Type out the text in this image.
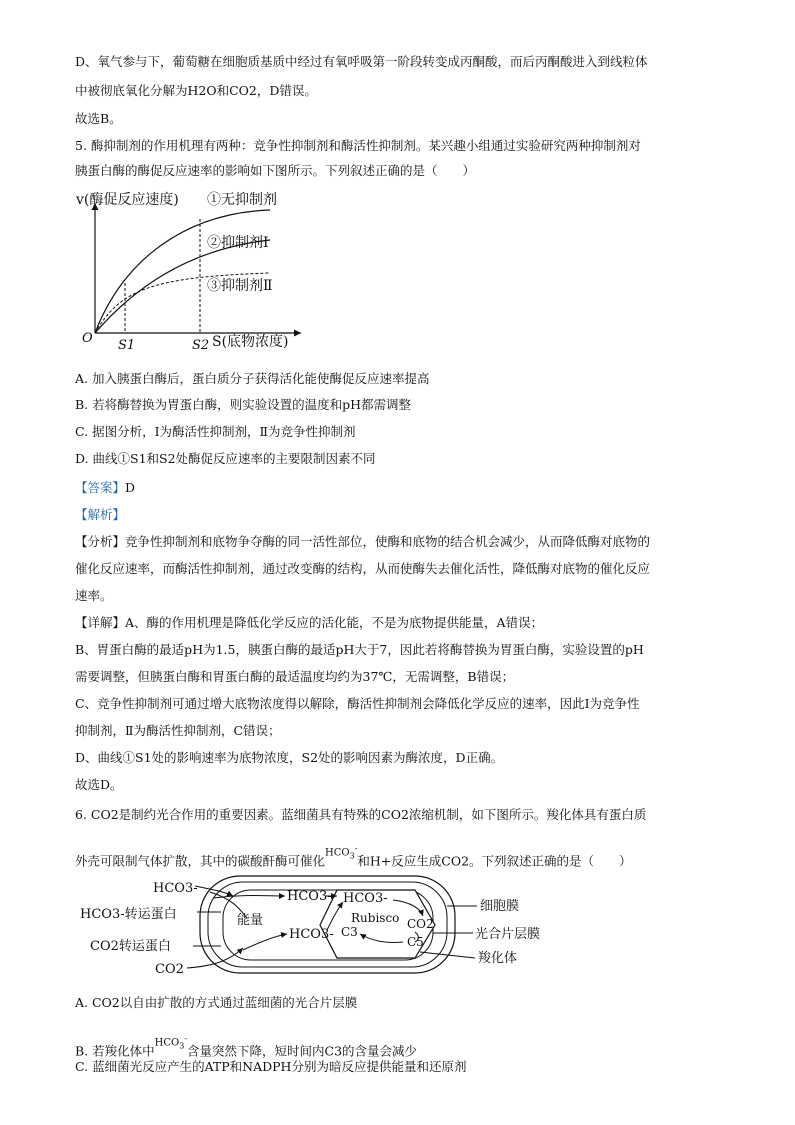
D、氧气参与下，葡萄糖在细胞质基质中经过有氧呼吸第一阶段转变成丙酮酸，而后丙酮酸进入到线粒体
中被彻底氧化分解为H2O和CO2，D错误。
故选B。
5. 酶抑制剂的作用机理有两种：竞争性抑制剂和酶活性抑制剂。某兴趣小组通过实验研究两种抑制剂对
胰蛋白酶的酶促反应速率的影响如下图所示。下列叙述正确的是（　　）
v(酶促反应速度)
O
①无抑制剂
②抑制剂Ⅰ
③抑制剂Ⅱ
S1	S2 S(底物浓度)
A. 加入胰蛋白酶后，蛋白质分子获得活化能使酶促反应速率提高
B. 若将酶替换为胃蛋白酶，则实验设置的温度和pH都需调整
C. 据图分析，Ⅰ为酶活性抑制剂，Ⅱ为竞争性抑制剂
D. 曲线①S1和S2处酶促反应速率的主要限制因素不同
【答案】D
【解析】
【分析】竞争性抑制剂和底物争夺酶的同一活性部位，使酶和底物的结合机会减少，从而降低酶对底物的
催化反应速率，而酶活性抑制剂，通过改变酶的结构，从而使酶失去催化活性，降低酶对底物的催化反应
速率。
【详解】A、酶的作用机理是降低化学反应的活化能，不是为底物提供能量，A错误；
B、胃蛋白酶的最适pH为1.5，胰蛋白酶的最适pH大于7，因此若将酶替换为胃蛋白酶，实验设置的pH
需要调整，但胰蛋白酶和胃蛋白酶的最适温度均约为37℃，无需调整，B错误；
C、竞争性抑制剂可通过增大底物浓度得以解除，酶活性抑制剂会降低化学反应的速率，因此Ⅰ为竞争性
抑制剂，Ⅱ为酶活性抑制剂，C错误；
D、曲线①S1处的影响速率为底物浓度，S2处的影响因素为酶浓度，D正确。
故选D。
6. CO2是制约光合作用的重要因素。蓝细菌具有特殊的CO2浓缩机制，如下图所示。羧化体具有蛋白质
外壳可限制气体扩散，其中的碳酸酐酶可催化$HCO_3^-$和H+反应生成CO2。下列叙述正确的是（　　）
HCO3-
HCO3-转运蛋白
CO2转运蛋白
CO2
能量
HCO3-
HCO3-
HCO3-
Rubisco CO2
C3
C5
细胞膜
光合片层膜
羧化体
A. CO2以自由扩散的方式通过蓝细菌的光合片层膜
B. 若羧化体中$HCO_3^-$含量突然下降，短时间内C3的含量会减少
C. 蓝细菌光反应产生的ATP和NADPH分别为暗反应提供能量和还原剂
